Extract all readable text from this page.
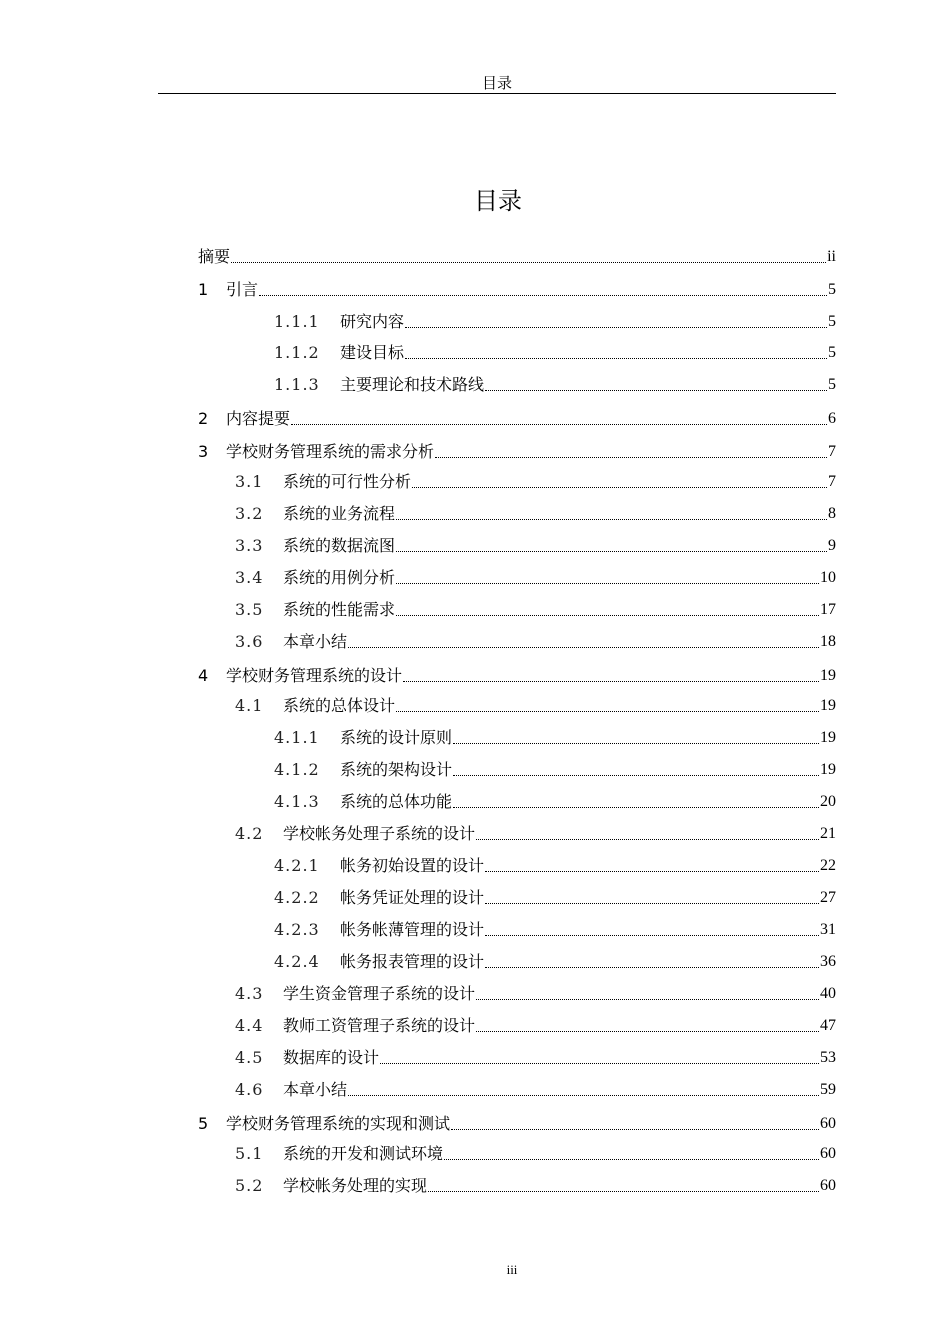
目录
目录
摘要	ii
1	引言	5
1.1.1	研究内容	5
1.1.2	建设目标	5
1.1.3	主要理论和技术路线	5
2	内容提要	6
3	学校财务管理系统的需求分析	7
3.1	系统的可行性分析	7
3.2	系统的业务流程	8
3.3	系统的数据流图	9
3.4	系统的用例分析	10
3.5	系统的性能需求	17
3.6	本章小结	18
4	学校财务管理系统的设计	19
4.1	系统的总体设计	19
4.1.1	系统的设计原则	19
4.1.2	系统的架构设计	19
4.1.3	系统的总体功能	20
4.2	学校帐务处理子系统的设计	21
4.2.1	帐务初始设置的设计	22
4.2.2	帐务凭证处理的设计	27
4.2.3	帐务帐薄管理的设计	31
4.2.4	帐务报表管理的设计	36
4.3	学生资金管理子系统的设计	40
4.4	教师工资管理子系统的设计	47
4.5	数据库的设计	53
4.6	本章小结	59
5	学校财务管理系统的实现和测试	60
5.1	系统的开发和测试环境	60
5.2	学校帐务处理的实现	60
iii
